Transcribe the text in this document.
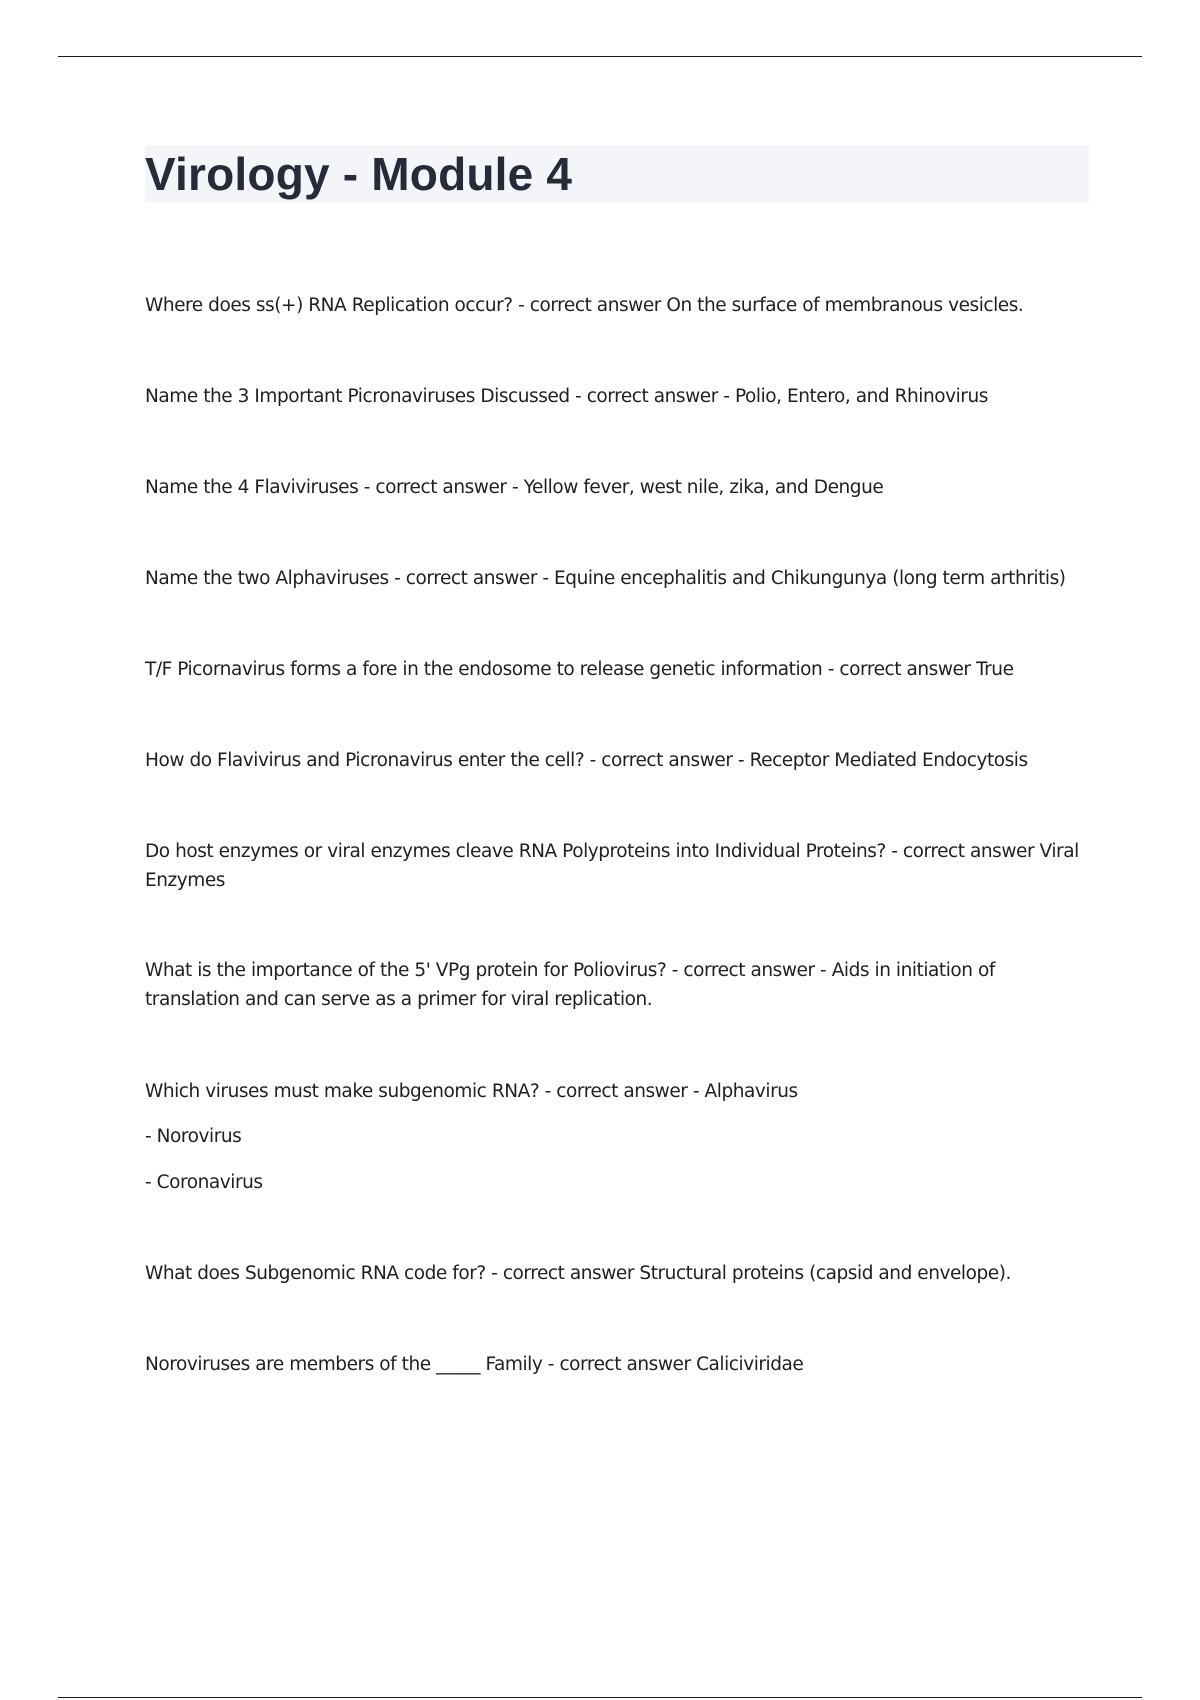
Virology - Module 4

Where does ss(+) RNA Replication occur? - correct answer On the surface of membranous vesicles.

Name the 3 Important Picronaviruses Discussed - correct answer - Polio, Entero, and Rhinovirus

Name the 4 Flaviviruses - correct answer - Yellow fever, west nile, zika, and Dengue

Name the two Alphaviruses - correct answer - Equine encephalitis and Chikungunya (long term arthritis)

T/F Picornavirus forms a fore in the endosome to release genetic information - correct answer True

How do Flavivirus and Picronavirus enter the cell? - correct answer - Receptor Mediated Endocytosis

Do host enzymes or viral enzymes cleave RNA Polyproteins into Individual Proteins? - correct answer Viral Enzymes

What is the importance of the 5' VPg protein for Poliovirus? - correct answer - Aids in initiation of translation and can serve as a primer for viral replication.

Which viruses must make subgenomic RNA? - correct answer - Alphavirus

- Norovirus

- Coronavirus

What does Subgenomic RNA code for? - correct answer Structural proteins (capsid and envelope).

Noroviruses are members of the _____ Family - correct answer Caliciviridae
